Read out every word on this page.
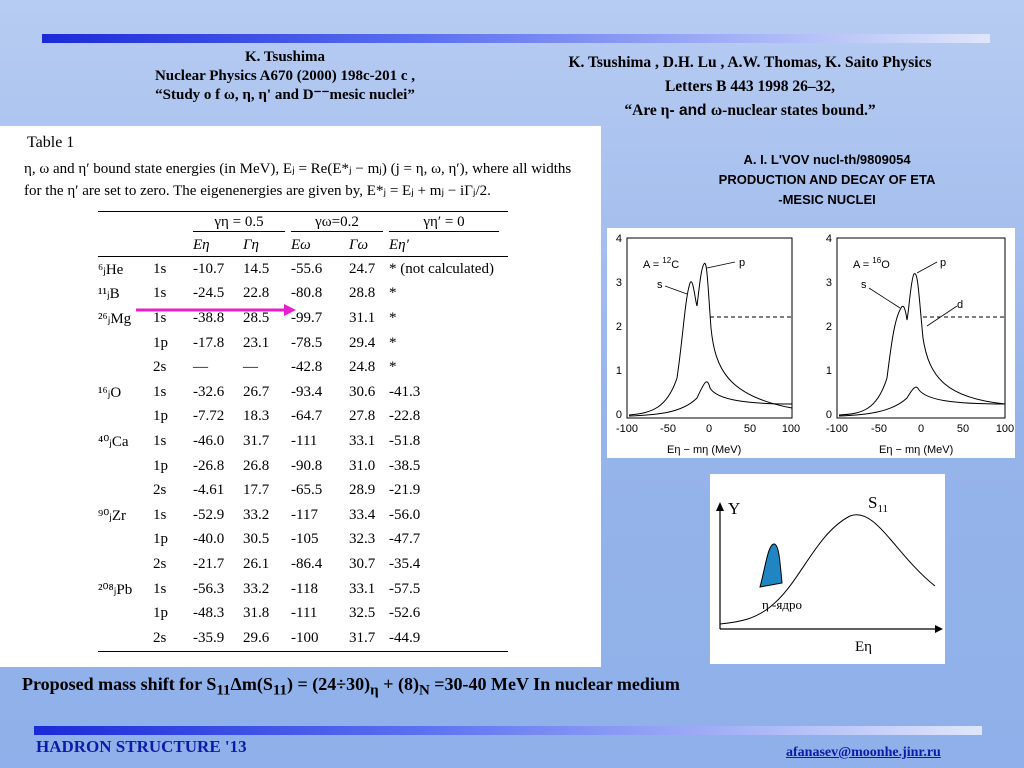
K. Tsushima
Nuclear Physics A670 (2000) 198c-201 c ,
“Study o f ω, η, η' and D⁻⁻mesic nuclei”
K. Tsushima , D.H. Lu , A.W. Thomas, K. Saito Physics
Letters B 443 1998 26–32,
“Are η- and ω-nuclear states bound.”
Table 1
η, ω and η′ bound state energies (in MeV), Eⱼ = Re(E*ⱼ − mⱼ) (j = η, ω, η′), where all widths for the η′ are set to zero. The eigenenergies are given by, E*ⱼ = Eⱼ + mⱼ − iΓⱼ/2.
γη = 0.5	γω=0.2	γη′ = 0
Eη	Γη	Eω	Γω	Eη′
⁶ⱼHe	1s	-10.7	14.5	-55.6	24.7 * (not calculated)
¹¹ⱼB	1s	-24.5	22.8	-80.8	28.8 *
²⁶ⱼMg	1s	-38.8	28.5	-99.7	31.1 *
1p	-17.8	23.1	-78.5	29.4 *
2s	—	—	-42.8	24.8 *
¹⁶ⱼO	1s	-32.6	26.7	-93.4	30.6 -41.3
1p	-7.72	18.3	-64.7	27.8 -22.8
⁴⁰ⱼCa	1s	-46.0	31.7	-111	33.1 -51.8
1p	-26.8	26.8	-90.8	31.0 -38.5
2s	-4.61	17.7	-65.5	28.9 -21.9
⁹⁰ⱼZr	1s	-52.9	33.2	-117	33.4 -56.0
1p	-40.0	30.5	-105	32.3 -47.7
2s	-21.7	26.1	-86.4	30.7 -35.4
²⁰⁸ⱼPb	1s	-56.3	33.2	-118	33.1 -57.5
1p	-48.3	31.8	-111	32.5 -52.6
2s	-35.9	29.6	-100	31.7 -44.9
A. I. L'VOV nucl-th/9809054
PRODUCTION AND DECAY OF ETA
-MESIC NUCLEI
4
3
2
1
0
4
3
2
1
0
-100 -50	0	50 100 -100 -50	0	50 100
A = $^{12}$C	p
s
A = $^{16}$O	p
s
d
Eη − mη (MeV)	Eη − mη (MeV)
Y	$S_{11}$
η -ядро
Eη
Proposed mass shift for $S_{11}\Delta m(S_{11}) = (24\div 30)_\eta + (8)_N =30-40$ MeV In nuclear medium
HADRON STRUCTURE '13	afanasev@moonhe.jinr.ru
